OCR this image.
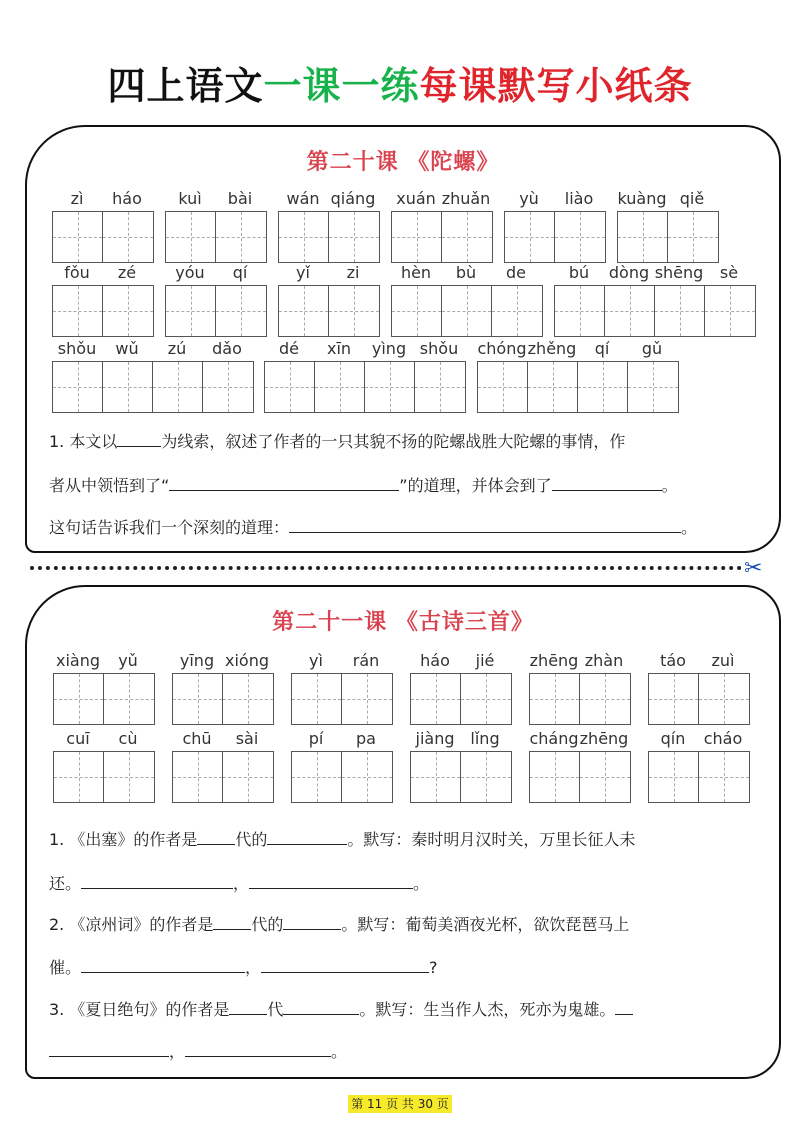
四上语文一课一练每课默写小纸条
第二十课 《陀螺》
zì	háo	kuì	bài	wán qiáng	xuán zhuǎn	yù	liào	kuàng qiě
fǒu	zé	yóu	qí	yǐ	zi	hèn	bù	de	bú	dòng shēng	sè
shǒu	wǔ	zú	dǎo	dé	xīn	yìng shǒu	chóng zhěng	qí	gǔ
1. 本文以	为线索，叙述了作者的一只其貌不扬的陀螺战胜大陀螺的事情，作
者从中领悟到了“	”的道理，并体会到了	。
这句话告诉我们一个深刻的道理：	。
✂
第二十一课 《古诗三首》
xiàng	yǔ	yīng xióng	yì	rán	háo	jié	zhēng zhàn	táo	zuì
cuī	cù	chū	sài	pí	pa	jiàng lǐng	cháng zhēng	qín	cháo
1. 《出塞》的作者是 代的	。默写：秦时明月汉时关，万里长征人未
还。	，	。
2. 《凉州词》的作者是 代的	。默写：葡萄美酒夜光杯，欲饮琵琶马上
催。	，	?
3. 《夏日绝句》的作者是 代	。默写：生当作人杰，死亦为鬼雄。
，	。
第 11 页 共 30 页
